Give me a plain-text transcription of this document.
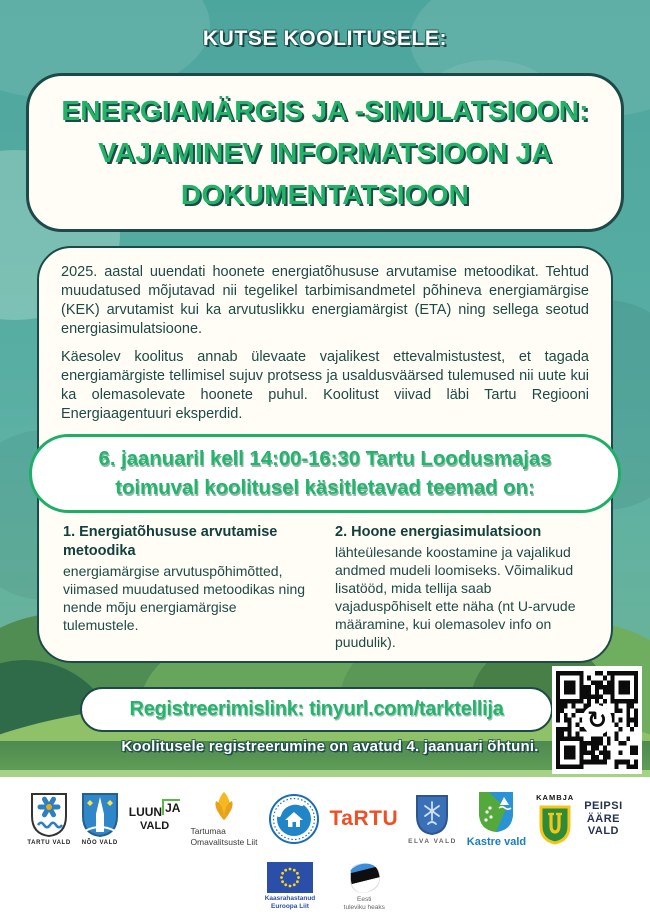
KUTSE KOOLITUSELE:
ENERGIAMÄRGIS JA -SIMULATSIOON:
VAJAMINEV INFORMATSIOON JA
DOKUMENTATSIOON

2025. aastal uuendati hoonete energiatõhususe arvutamise metoodikat. Tehtud muudatused mõjutavad nii tegelikel tarbimisandmetel põhineva energiamärgise (KEK) arvutamist kui ka arvutuslikku energiamärgist (ETA) ning sellega seotud energiasimulatsioone.

Käesolev koolitus annab ülevaate vajalikest ettevalmistustest, et tagada energiamärgiste tellimisel sujuv protsess ja usaldusväärsed tulemused nii uute kui ka olemasolevate hoonete puhul. Koolitust viivad läbi Tartu Regiooni Energiaagentuuri eksperdid.

6. jaanuaril kell 14:00-16:30 Tartu Loodusmajas
toimuval koolitusel käsitletavad teemad on:

1. Energiatõhususe arvutamise metoodika

energiamärgise arvutuspõhimõtted, viimased muudatused metoodikas ning nende mõju energiamärgise tulemustele.

2. Hoone energiasimulatsioon

lähteülesande koostamine ja vajalikud andmed mudeli loomiseks. Võimalikud lisatööd, mida tellija saab vajaduspõhiselt ette näha (nt U-arvude määramine, kui olemasolev info on puudulik).

Registreerimislink: tinyurl.com/tarktellija
Koolitusele registreerumine on avatud 4. jaanuari õhtuni.
↻
TARTU VALD NÕO VALD
LUUN JA
VALD	Tartumaa
Omavalitsuste Liit
TaRTU
ELVA VALD Kastre vald
KAMBJA
PEIPSI
ÄÄRE
VALD
Kaasrahastanud
Euroopa Liit
Eesti
tuleviku heaks
